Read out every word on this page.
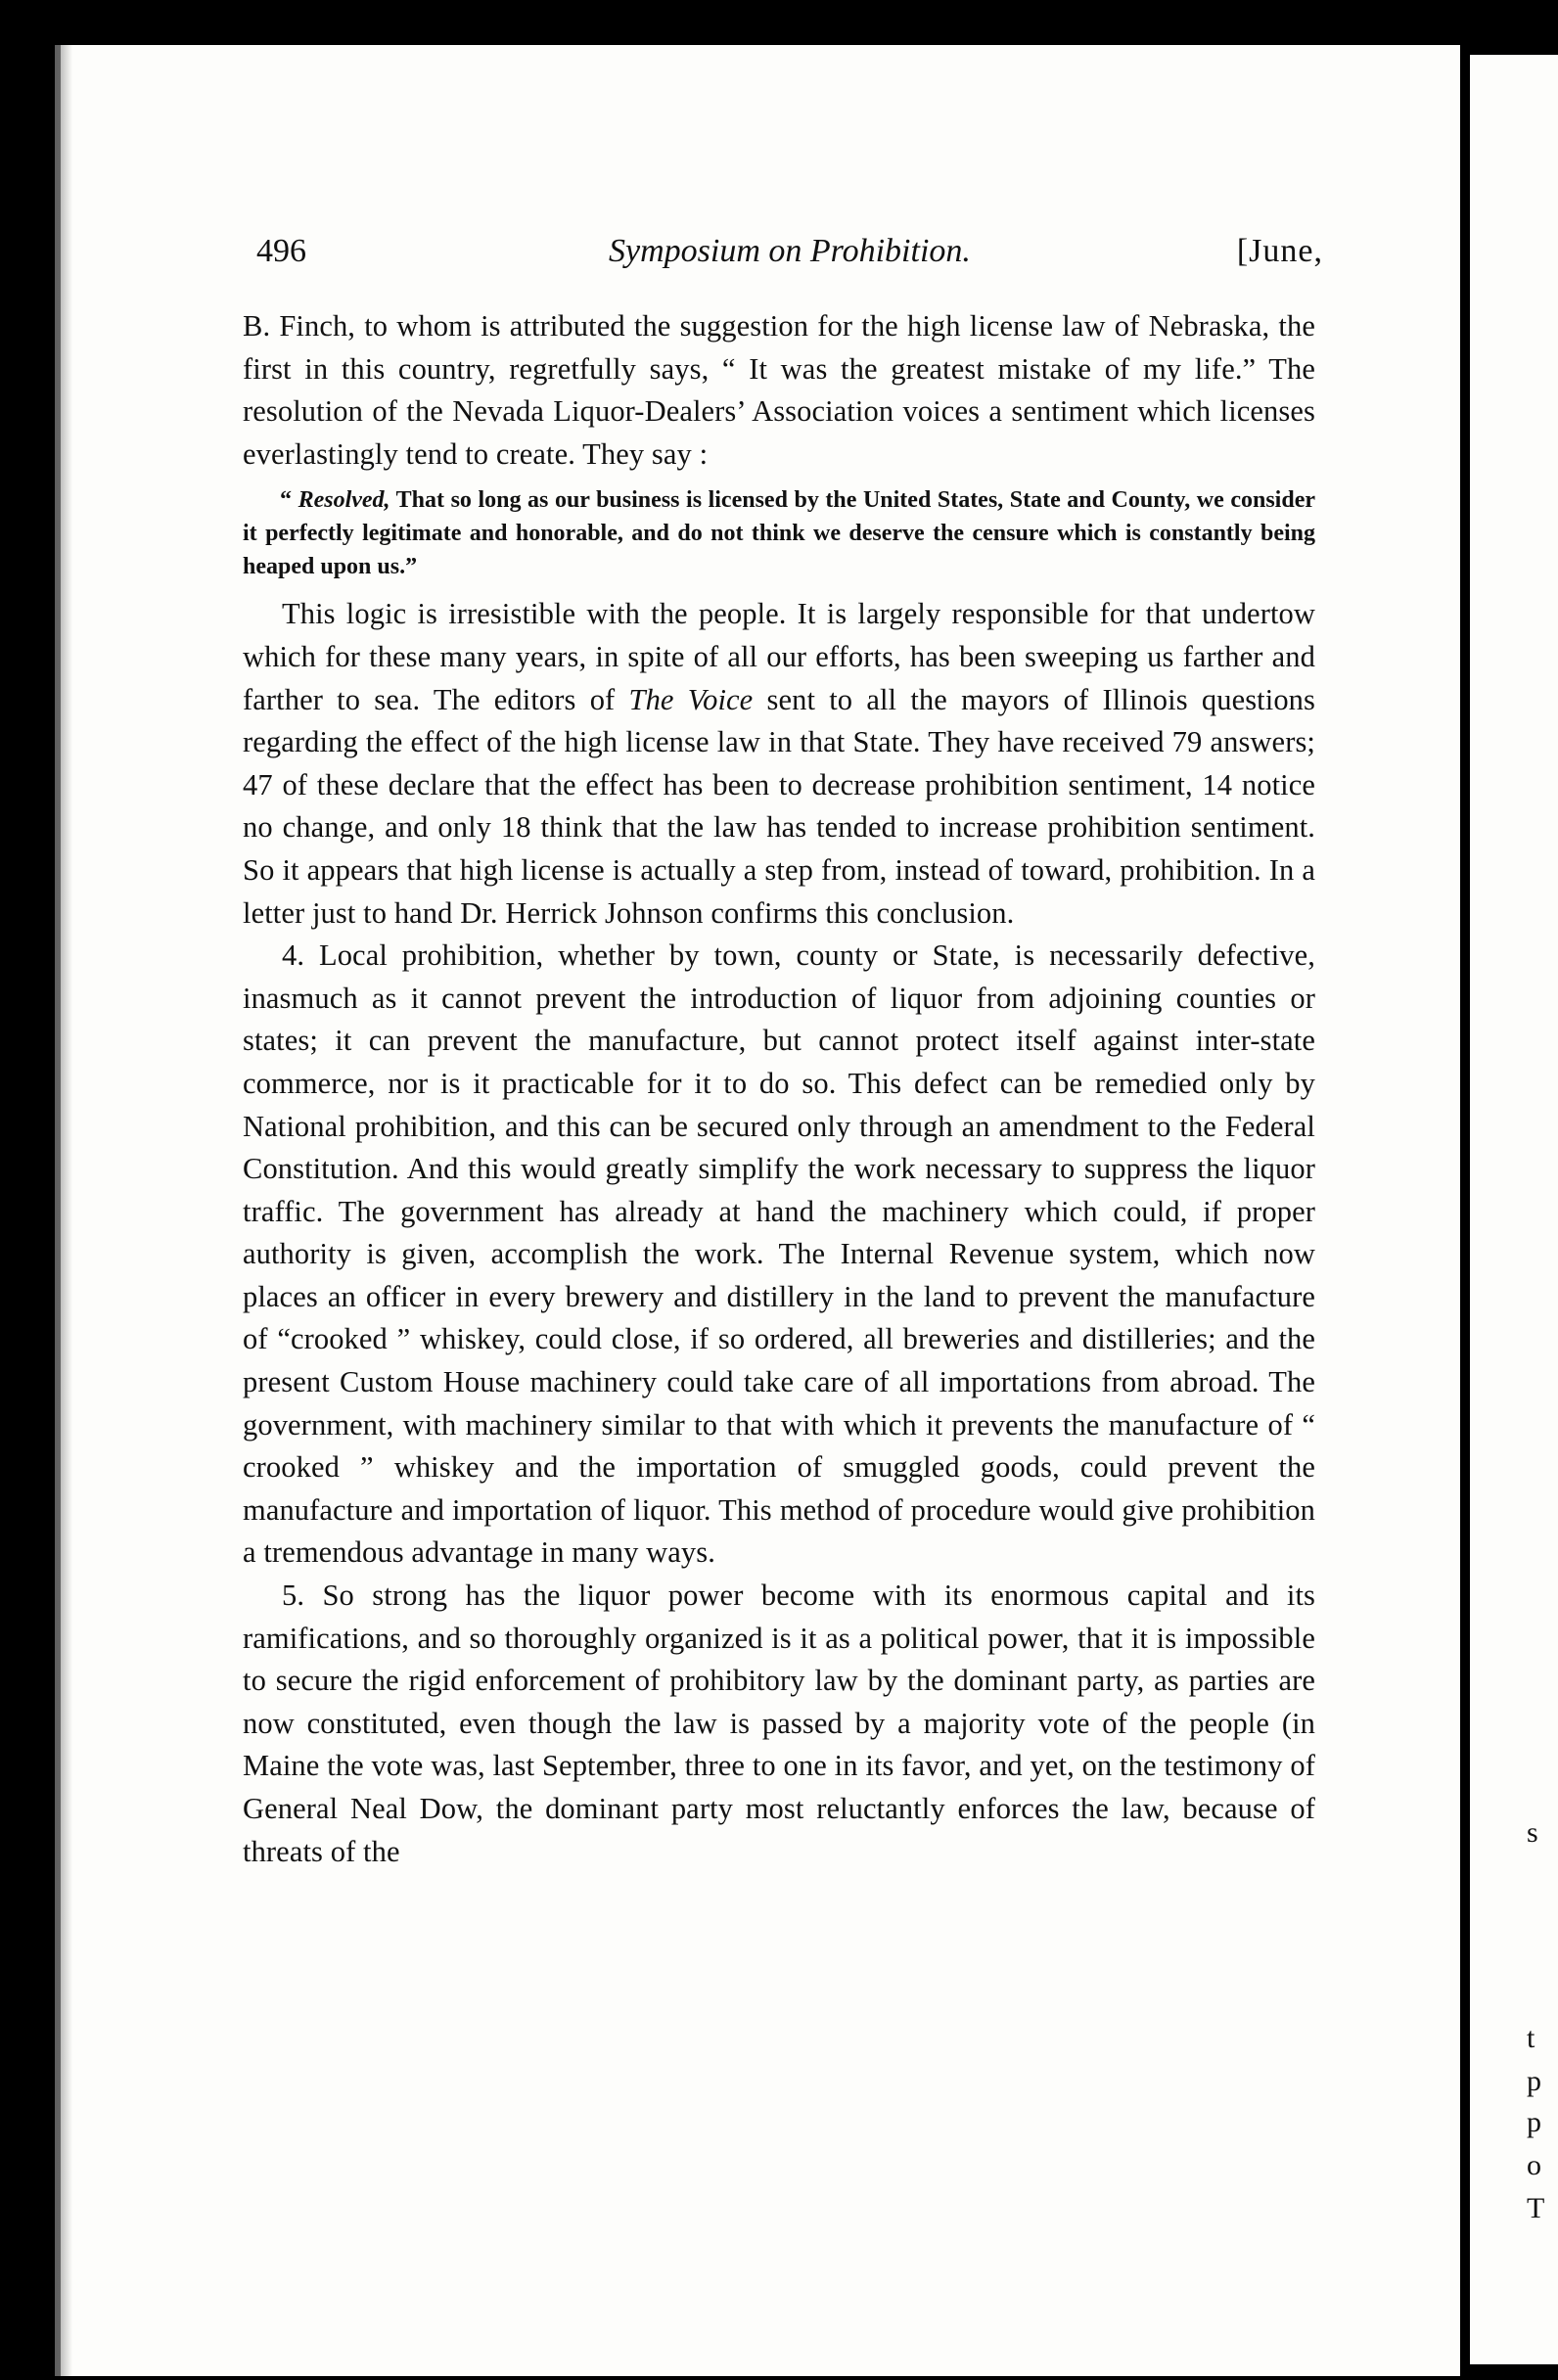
s
t
p
p
o
T
496	Symposium on Prohibition.	[June,

B. Finch, to whom is attributed the suggestion for the high license law of Nebraska, the first in this country, regretfully says, “ It was the greatest mistake of my life.” The resolution of the Nevada Liquor-Dealers’ Association voices a sentiment which licenses everlastingly tend to create. They say :

“ Resolved, That so long as our business is licensed by the United States, State and County, we consider it perfectly legitimate and honorable, and do not think we deserve the censure which is constantly being heaped upon us.”

This logic is irresistible with the people. It is largely responsible for that undertow which for these many years, in spite of all our efforts, has been sweeping us farther and farther to sea. The editors of The Voice sent to all the mayors of Illinois questions regarding the effect of the high license law in that State. They have received 79 answers; 47 of these declare that the effect has been to decrease prohibition sentiment, 14 notice no change, and only 18 think that the law has tended to increase prohibition sentiment. So it appears that high license is actually a step from, instead of toward, prohibition. In a letter just to hand Dr. Herrick Johnson confirms this conclusion.

4. Local prohibition, whether by town, county or State, is necessarily defective, inasmuch as it cannot prevent the introduction of liquor from adjoining counties or states; it can prevent the manufacture, but cannot protect itself against inter-state commerce, nor is it practicable for it to do so. This defect can be remedied only by National prohibition, and this can be secured only through an amendment to the Federal Constitution. And this would greatly simplify the work necessary to suppress the liquor traffic. The government has already at hand the machinery which could, if proper authority is given, accomplish the work. The Internal Revenue system, which now places an officer in every brewery and distillery in the land to prevent the manufacture of “crooked ” whiskey, could close, if so ordered, all breweries and distilleries; and the present Custom House machinery could take care of all importations from abroad. The government, with machinery similar to that with which it prevents the manufacture of “ crooked ” whiskey and the importation of smuggled goods, could prevent the manufacture and importation of liquor. This method of procedure would give prohibition a tremendous advantage in many ways.

5. So strong has the liquor power become with its enormous capital and its ramifications, and so thoroughly organized is it as a political power, that it is impossible to secure the rigid enforcement of prohibitory law by the dominant party, as parties are now constituted, even though the law is passed by a majority vote of the people (in Maine the vote was, last September, three to one in its favor, and yet, on the testimony of General Neal Dow, the dominant party most reluctantly enforces the law, because of threats of the
